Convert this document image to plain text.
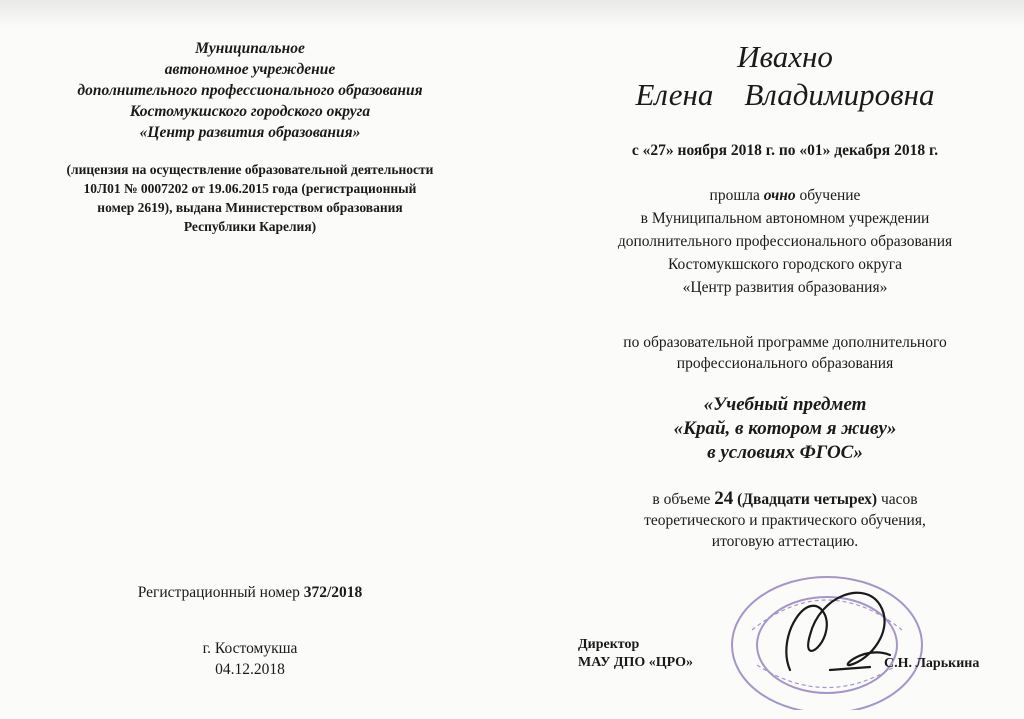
Муниципальное
автономное учреждение
дополнительного профессионального образования
Костомукшского городского округа
«Центр развития образования»
(лицензия на осуществление образовательной деятельности
10Л01 № 0007202 от 19.06.2015 года (регистрационный
номер 2619), выдана Министерством образования
Республики Карелия)
Регистрационный номер 372/2018
г. Костомукша
04.12.2018
Ивахно
Елена    Владимировна
с «27» ноября 2018 г. по «01» декабря 2018 г.
прошла очно обучение
в Муниципальном автономном учреждении
дополнительного профессионального образования
Костомукшского городского округа
«Центр развития образования»
по образовательной программе дополнительного
профессионального образования
«Учебный предмет
«Край, в котором я живу»
в условиях ФГОС»
в объеме 24 (Двадцати четырех) часов
теоретического и практического обучения,
итоговую аттестацию.
Директор
МАУ ДПО «ЦРО»	С.Н. Ларькина
